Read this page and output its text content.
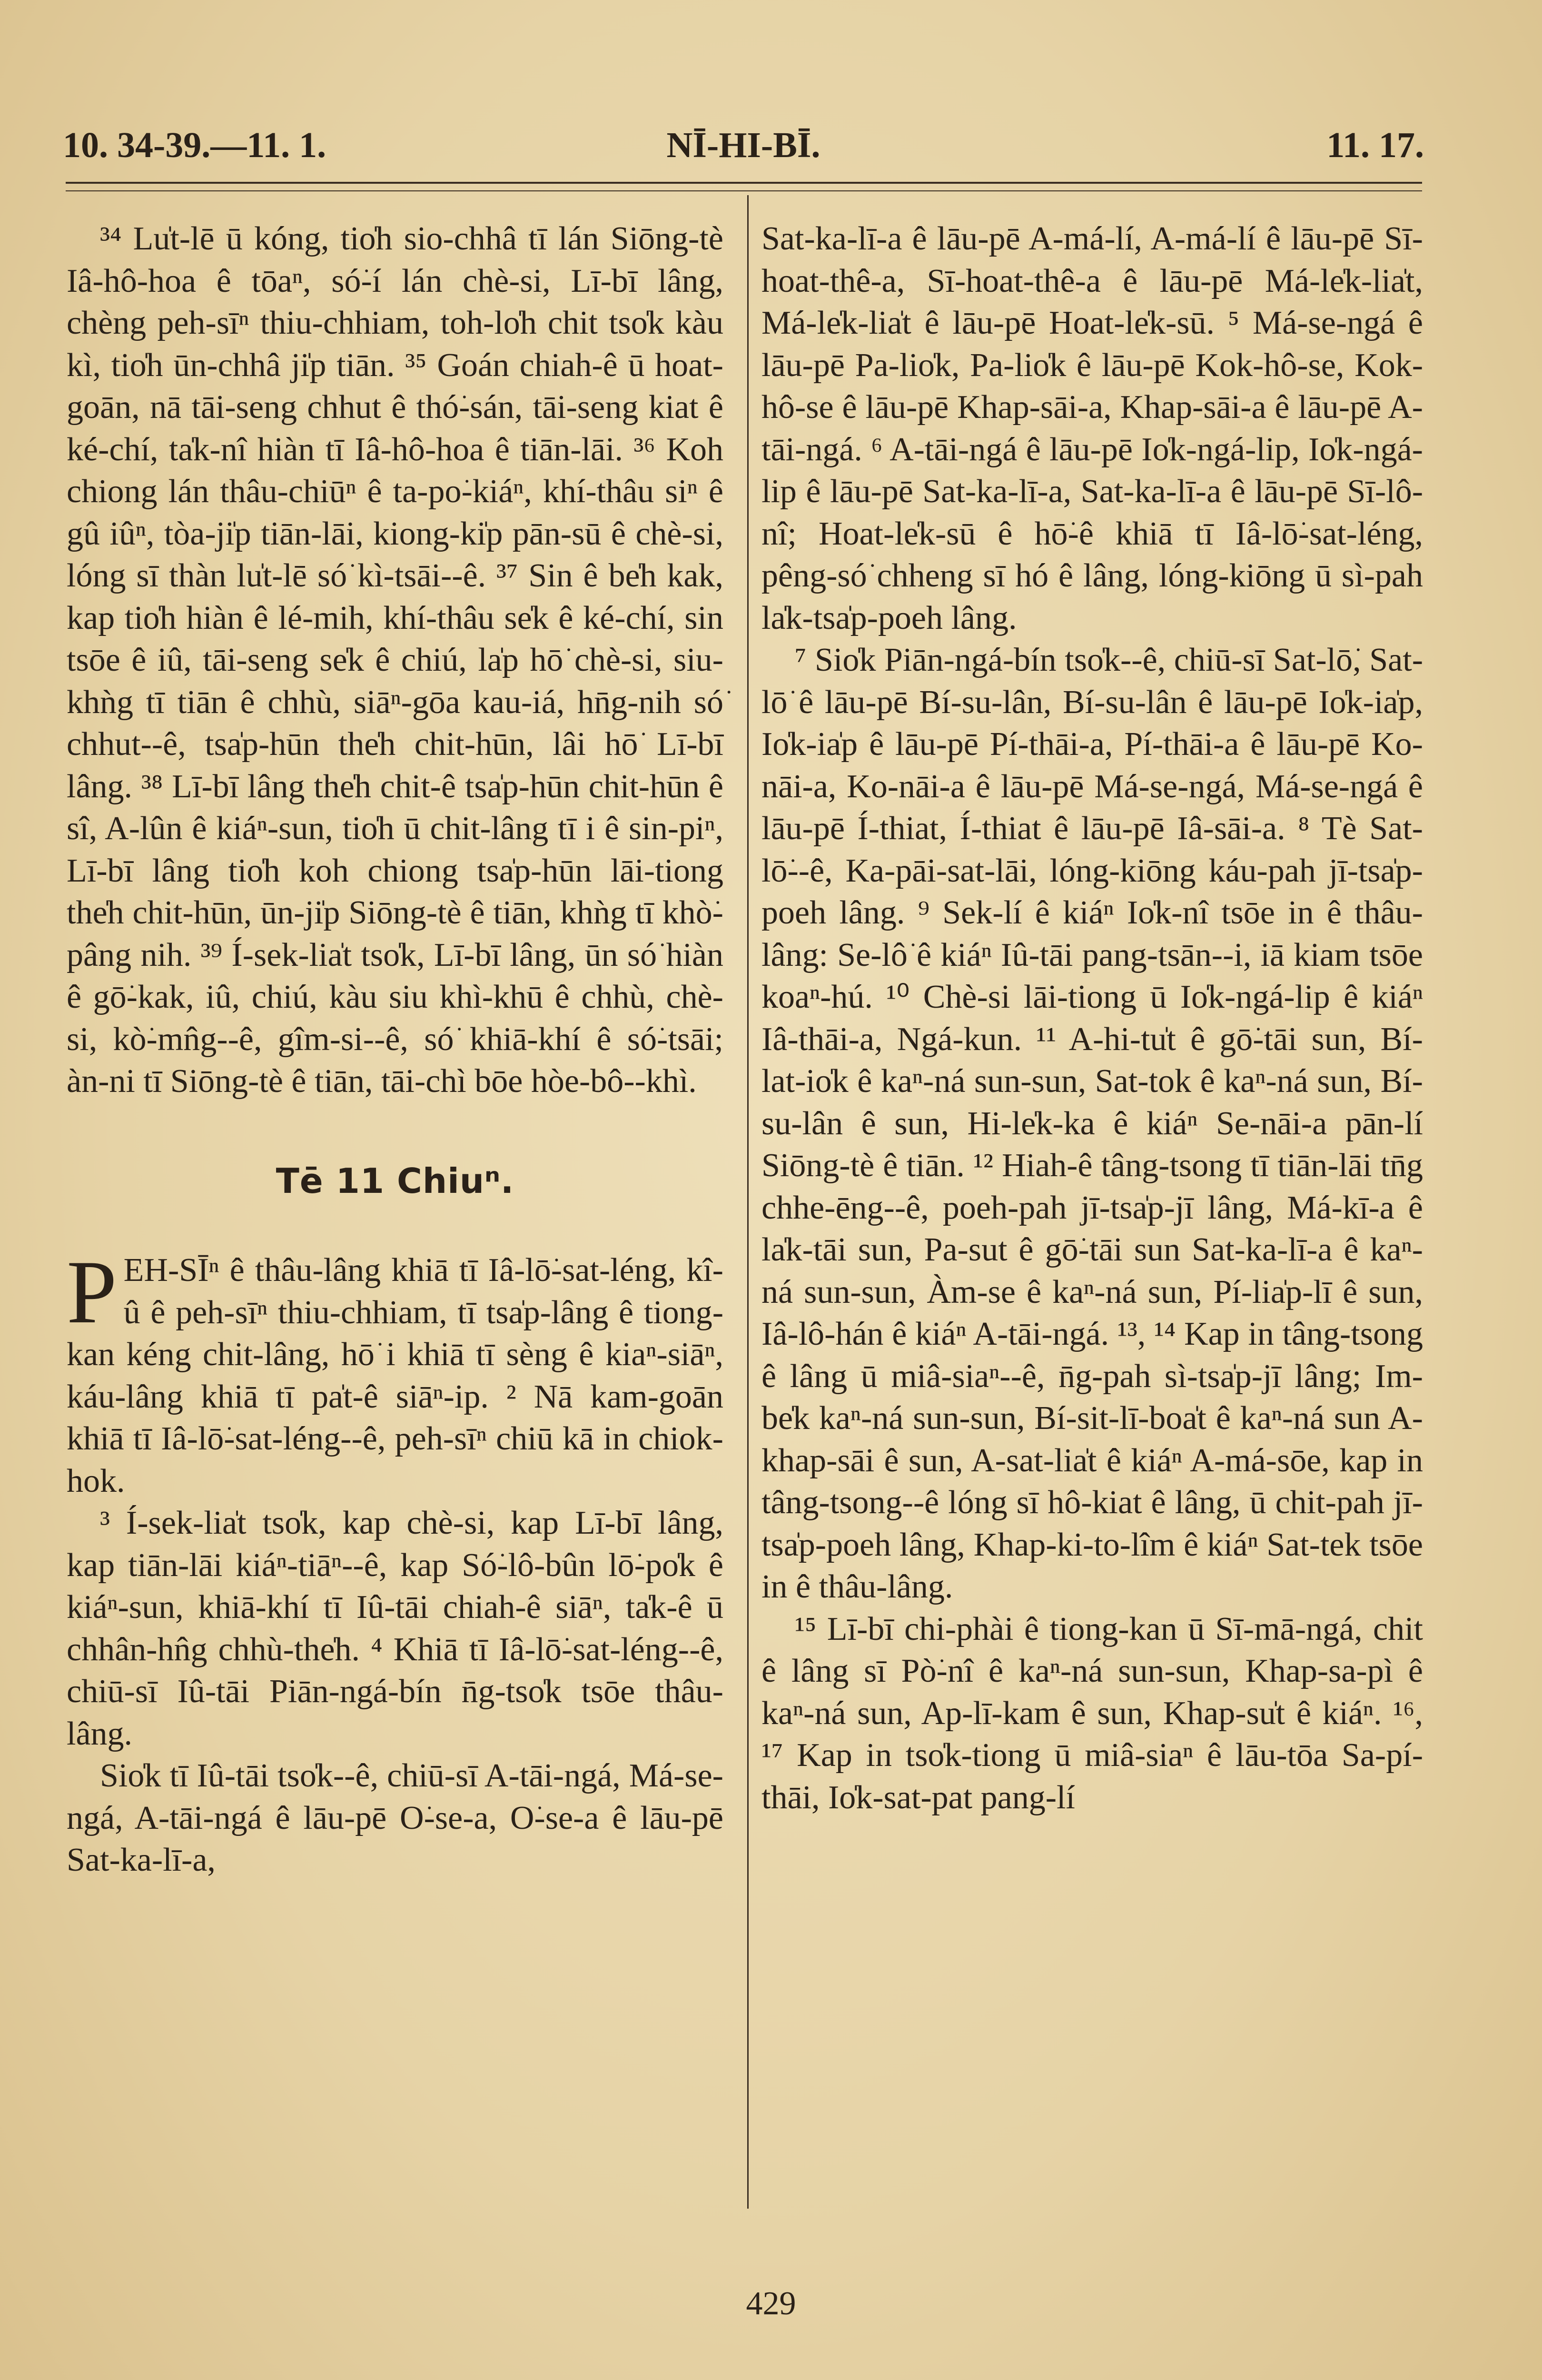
10. 34-39.—11. 1.	NĪ-HI-BĪ.	11. 17.

³⁴ Lu̍t-lē ū kóng, tio̍h sio-chhâ tī lán Siōng-tè Iâ-hô-hoa ê tōaⁿ, só͘-í lán chè-si, Lī-bī lâng, chèng peh-sīⁿ thiu-chhiam, toh-lo̍h chit tso̍k kàu kì, tio̍h ūn-chhâ ji̍p tiān. ³⁵ Goán chiah-ê ū hoat-goān, nā tāi-seng chhut ê thó͘-sán, tāi-seng kiat ê ké-chí, ta̍k-nî hiàn tī Iâ-hô-hoa ê tiān-lāi. ³⁶ Koh chiong lán thâu-chiūⁿ ê ta-po͘-kiáⁿ, khí-thâu siⁿ ê gû iûⁿ, tòa-ji̍p tiān-lāi, kiong-ki̍p pān-sū ê chè-si, lóng sī thàn lu̍t-lē só͘ kì-tsāi--ê. ³⁷ Sin ê be̍h kak, kap tio̍h hiàn ê lé-mih, khí-thâu se̍k ê ké-chí, sin tsōe ê iû, tāi-seng se̍k ê chiú, la̍p hō͘ chè-si, siu-khǹg tī tiān ê chhù, siāⁿ-gōa kau-iá, hn̄g-nih só͘ chhut--ê, tsa̍p-hūn the̍h chit-hūn, lâi hō͘ Lī-bī lâng. ³⁸ Lī-bī lâng the̍h chit-ê tsa̍p-hūn chit-hūn ê sî, A-lûn ê kiáⁿ-sun, tio̍h ū chit-lâng tī i ê sin-piⁿ, Lī-bī lâng tio̍h koh chiong tsa̍p-hūn lāi-tiong the̍h chit-hūn, ūn-ji̍p Siōng-tè ê tiān, khǹg tī khò͘-pâng nih. ³⁹ Í-sek-lia̍t tso̍k, Lī-bī lâng, ūn só͘ hiàn ê gō͘-kak, iû, chiú, kàu siu khì-khū ê chhù, chè-si, kò͘-mn̂g--ê, gîm-si--ê, só͘ khiā-khí ê só͘-tsāi; àn-ni tī Siōng-tè ê tiān, tāi-chì bōe hòe-bô--khì.

Tē 11 Chiuⁿ.

PEH-SĪⁿ ê thâu-lâng khiā tī Iâ-lō͘-sat-léng, kî-û ê peh-sīⁿ thiu-chhiam, tī tsa̍p-lâng ê tiong-kan kéng chit-lâng, hō͘ i khiā tī sèng ê kiaⁿ-siāⁿ, káu-lâng khiā tī pa̍t-ê siāⁿ-ip. ² Nā kam-goān khiā tī Iâ-lō͘-sat-léng--ê, peh-sīⁿ chiū kā in chiok-hok.

³ Í-sek-lia̍t tso̍k, kap chè-si, kap Lī-bī lâng, kap tiān-lāi kiáⁿ-tiāⁿ--ê, kap Só͘-lô-bûn lō͘-po̍k ê kiáⁿ-sun, khiā-khí tī Iû-tāi chiah-ê siāⁿ, ta̍k-ê ū chhân-hn̂g chhù-the̍h. ⁴ Khiā tī Iâ-lō͘-sat-léng--ê, chiū-sī Iû-tāi Piān-ngá-bín n̄g-tso̍k tsōe thâu-lâng.

Sio̍k tī Iû-tāi tso̍k--ê, chiū-sī A-tāi-ngá, Má-se-ngá, A-tāi-ngá ê lāu-pē O͘-se-a, O͘-se-a ê lāu-pē Sat-ka-lī-a,

Sat-ka-lī-a ê lāu-pē A-má-lí, A-má-lí ê lāu-pē Sī-hoat-thê-a, Sī-hoat-thê-a ê lāu-pē Má-le̍k-lia̍t, Má-le̍k-lia̍t ê lāu-pē Hoat-le̍k-sū. ⁵ Má-se-ngá ê lāu-pē Pa-lio̍k, Pa-lio̍k ê lāu-pē Kok-hô-se, Kok-hô-se ê lāu-pē Khap-sāi-a, Khap-sāi-a ê lāu-pē A-tāi-ngá. ⁶ A-tāi-ngá ê lāu-pē Io̍k-ngá-lip, Io̍k-ngá-lip ê lāu-pē Sat-ka-lī-a, Sat-ka-lī-a ê lāu-pē Sī-lô-nî; Hoat-le̍k-sū ê hō͘-ê khiā tī Iâ-lō͘-sat-léng, pêng-só͘ chheng sī hó ê lâng, lóng-kiōng ū sì-pah la̍k-tsa̍p-poeh lâng.

⁷ Sio̍k Piān-ngá-bín tso̍k--ê, chiū-sī Sat-lō͘, Sat-lō͘ ê lāu-pē Bí-su-lân, Bí-su-lân ê lāu-pē Io̍k-ia̍p, Io̍k-ia̍p ê lāu-pē Pí-thāi-a, Pí-thāi-a ê lāu-pē Ko-nāi-a, Ko-nāi-a ê lāu-pē Má-se-ngá, Má-se-ngá ê lāu-pē Í-thiat, Í-thiat ê lāu-pē Iâ-sāi-a. ⁸ Tè Sat-lō͘--ê, Ka-pāi-sat-lāi, lóng-kiōng káu-pah jī-tsa̍p-poeh lâng. ⁹ Sek-lí ê kiáⁿ Io̍k-nî tsōe in ê thâu-lâng: Se-lô͘ ê kiáⁿ Iû-tāi pang-tsān--i, iā kiam tsōe koaⁿ-hú. ¹⁰ Chè-si lāi-tiong ū Io̍k-ngá-lip ê kiáⁿ Iâ-thāi-a, Ngá-kun. ¹¹ A-hi-tu̍t ê gō͘-tāi sun, Bí-lat-io̍k ê kaⁿ-ná sun-sun, Sat-tok ê kaⁿ-ná sun, Bí-su-lân ê sun, Hi-le̍k-ka ê kiáⁿ Se-nāi-a pān-lí Siōng-tè ê tiān. ¹² Hiah-ê tâng-tsong tī tiān-lāi tn̄g chhe-ēng--ê, poeh-pah jī-tsa̍p-jī lâng, Má-kī-a ê la̍k-tāi sun, Pa-sut ê gō͘-tāi sun Sat-ka-lī-a ê kaⁿ-ná sun-sun, Àm-se ê kaⁿ-ná sun, Pí-lia̍p-lī ê sun, Iâ-lô-hán ê kiáⁿ A-tāi-ngá. ¹³, ¹⁴ Kap in tâng-tsong ê lâng ū miâ-siaⁿ--ê, n̄g-pah sì-tsa̍p-jī lâng; Im-be̍k kaⁿ-ná sun-sun, Bí-sit-lī-boa̍t ê kaⁿ-ná sun A-khap-sāi ê sun, A-sat-lia̍t ê kiáⁿ A-má-sōe, kap in tâng-tsong--ê lóng sī hô-kiat ê lâng, ū chit-pah jī-tsa̍p-poeh lâng, Khap-ki-to-lîm ê kiáⁿ Sat-tek tsōe in ê thâu-lâng.

¹⁵ Lī-bī chi-phài ê tiong-kan ū Sī-mā-ngá, chit ê lâng sī Pò͘-nî ê kaⁿ-ná sun-sun, Khap-sa-pì ê kaⁿ-ná sun, Ap-lī-kam ê sun, Khap-su̍t ê kiáⁿ. ¹⁶, ¹⁷ Kap in tso̍k-tiong ū miâ-siaⁿ ê lāu-tōa Sa-pí-thāi, Io̍k-sat-pat pang-lí

429
